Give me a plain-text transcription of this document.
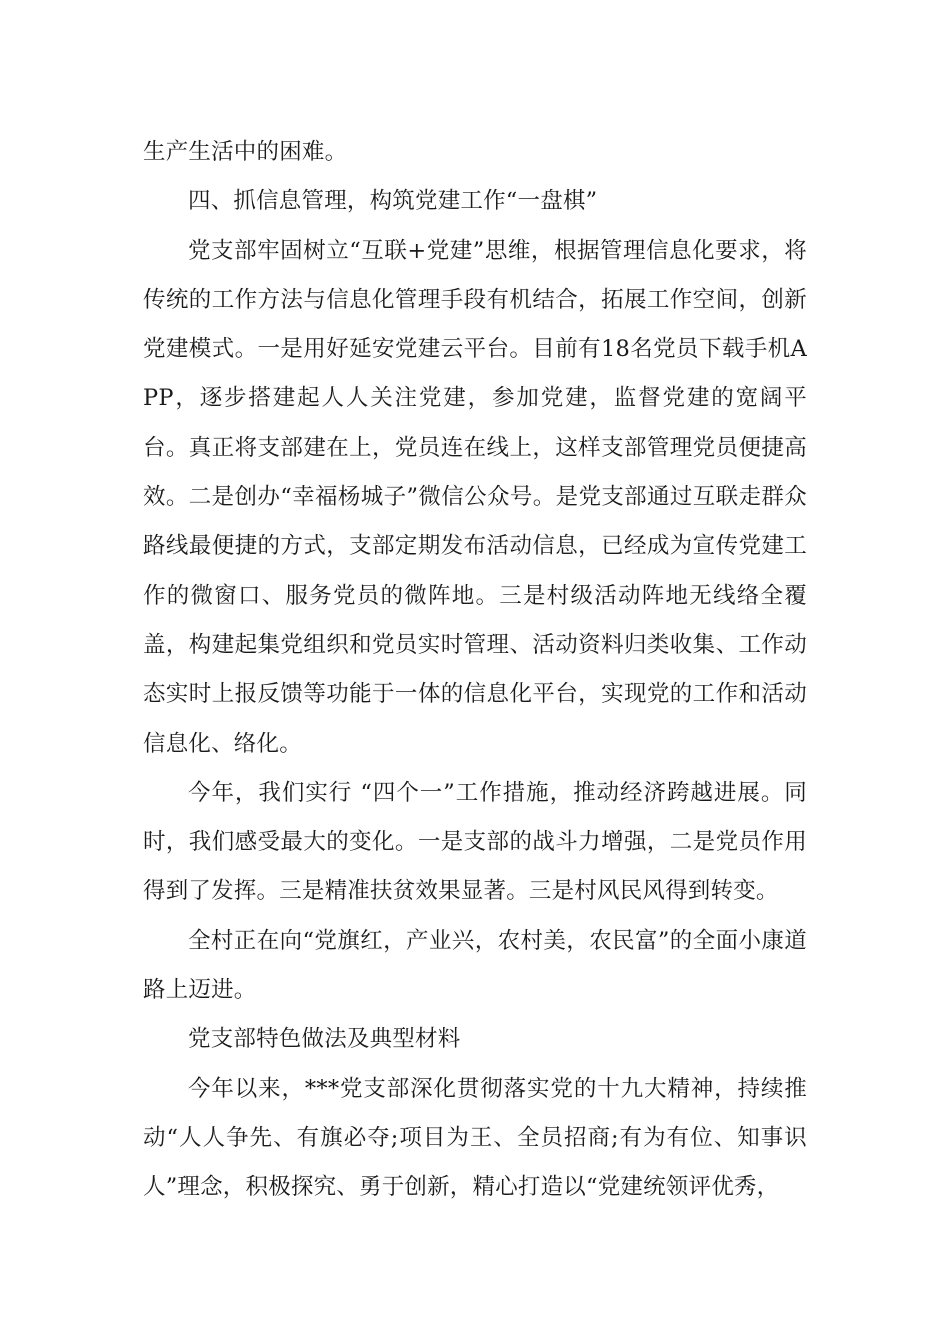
生产生活中的困难。

四、抓信息管理，构筑党建工作“一盘棋”

党支部牢固树立“互联+党建”思维，根据管理信息化要求，将传统的工作方法与信息化管理手段有机结合，拓展工作空间，创新党建模式。一是用好延安党建云平台。目前有18名党员下载手机APP，逐步搭建起人人关注党建，参加党建，监督党建的宽阔平台。真正将支部建在上，党员连在线上，这样支部管理党员便捷高效。二是创办“幸福杨城子”微信公众号。是党支部通过互联走群众路线最便捷的方式，支部定期发布活动信息，已经成为宣传党建工作的微窗口、服务党员的微阵地。三是村级活动阵地无线络全覆盖，构建起集党组织和党员实时管理、活动资料归类收集、工作动态实时上报反馈等功能于一体的信息化平台，实现党的工作和活动信息化、络化。

今年，我们实行 “四个一”工作措施，推动经济跨越进展。同时，我们感受最大的变化。一是支部的战斗力增强，二是党员作用得到了发挥。三是精准扶贫效果显著。三是村风民风得到转变。

全村正在向“党旗红，产业兴，农村美，农民富”的全面小康道路上迈进。

党支部特色做法及典型材料

今年以来，***党支部深化贯彻落实党的十九大精神，持续推动“人人争先、有旗必夺;项目为王、全员招商;有为有位、知事识人”理念，积极探究、勇于创新，精心打造以“党建统领评优秀，
